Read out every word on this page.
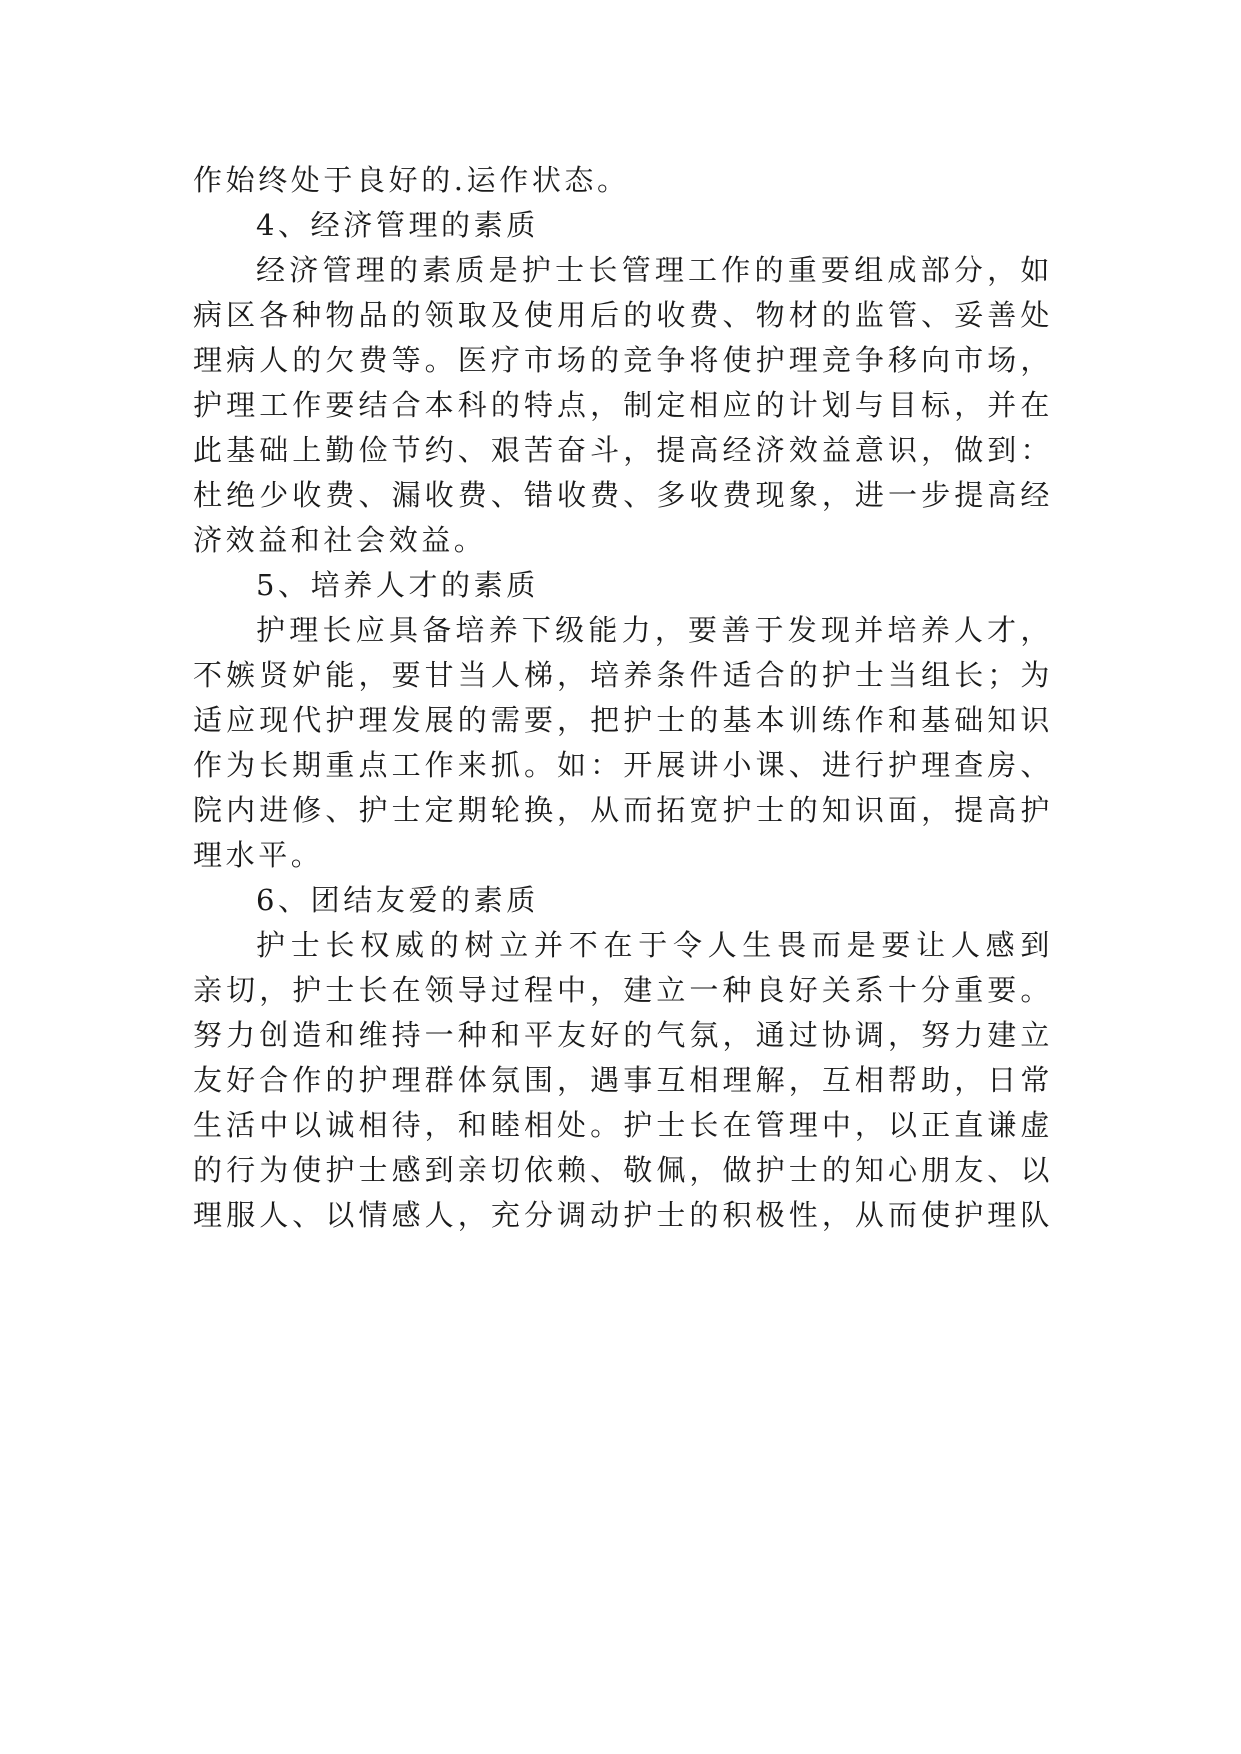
作始终处于良好的.运作状态。
4、经济管理的素质
经济管理的素质是护士长管理工作的重要组成部分，如
病区各种物品的领取及使用后的收费、物材的监管、妥善处
理病人的欠费等。医疗市场的竞争将使护理竞争移向市场，
护理工作要结合本科的特点，制定相应的计划与目标，并在
此基础上勤俭节约、艰苦奋斗，提高经济效益意识，做到：
杜绝少收费、漏收费、错收费、多收费现象，进一步提高经
济效益和社会效益。
5、培养人才的素质
护理长应具备培养下级能力，要善于发现并培养人才，
不嫉贤妒能，要甘当人梯，培养条件适合的护士当组长；为
适应现代护理发展的需要，把护士的基本训练作和基础知识
作为长期重点工作来抓。如：开展讲小课、进行护理查房、
院内进修、护士定期轮换，从而拓宽护士的知识面，提高护
理水平。
6、团结友爱的素质
护士长权威的树立并不在于令人生畏而是要让人感到
亲切，护士长在领导过程中，建立一种良好关系十分重要。
努力创造和维持一种和平友好的气氛，通过协调，努力建立
友好合作的护理群体氛围，遇事互相理解，互相帮助，日常
生活中以诚相待，和睦相处。护士长在管理中，以正直谦虚
的行为使护士感到亲切依赖、敬佩，做护士的知心朋友、以
理服人、以情感人，充分调动护士的积极性，从而使护理队
